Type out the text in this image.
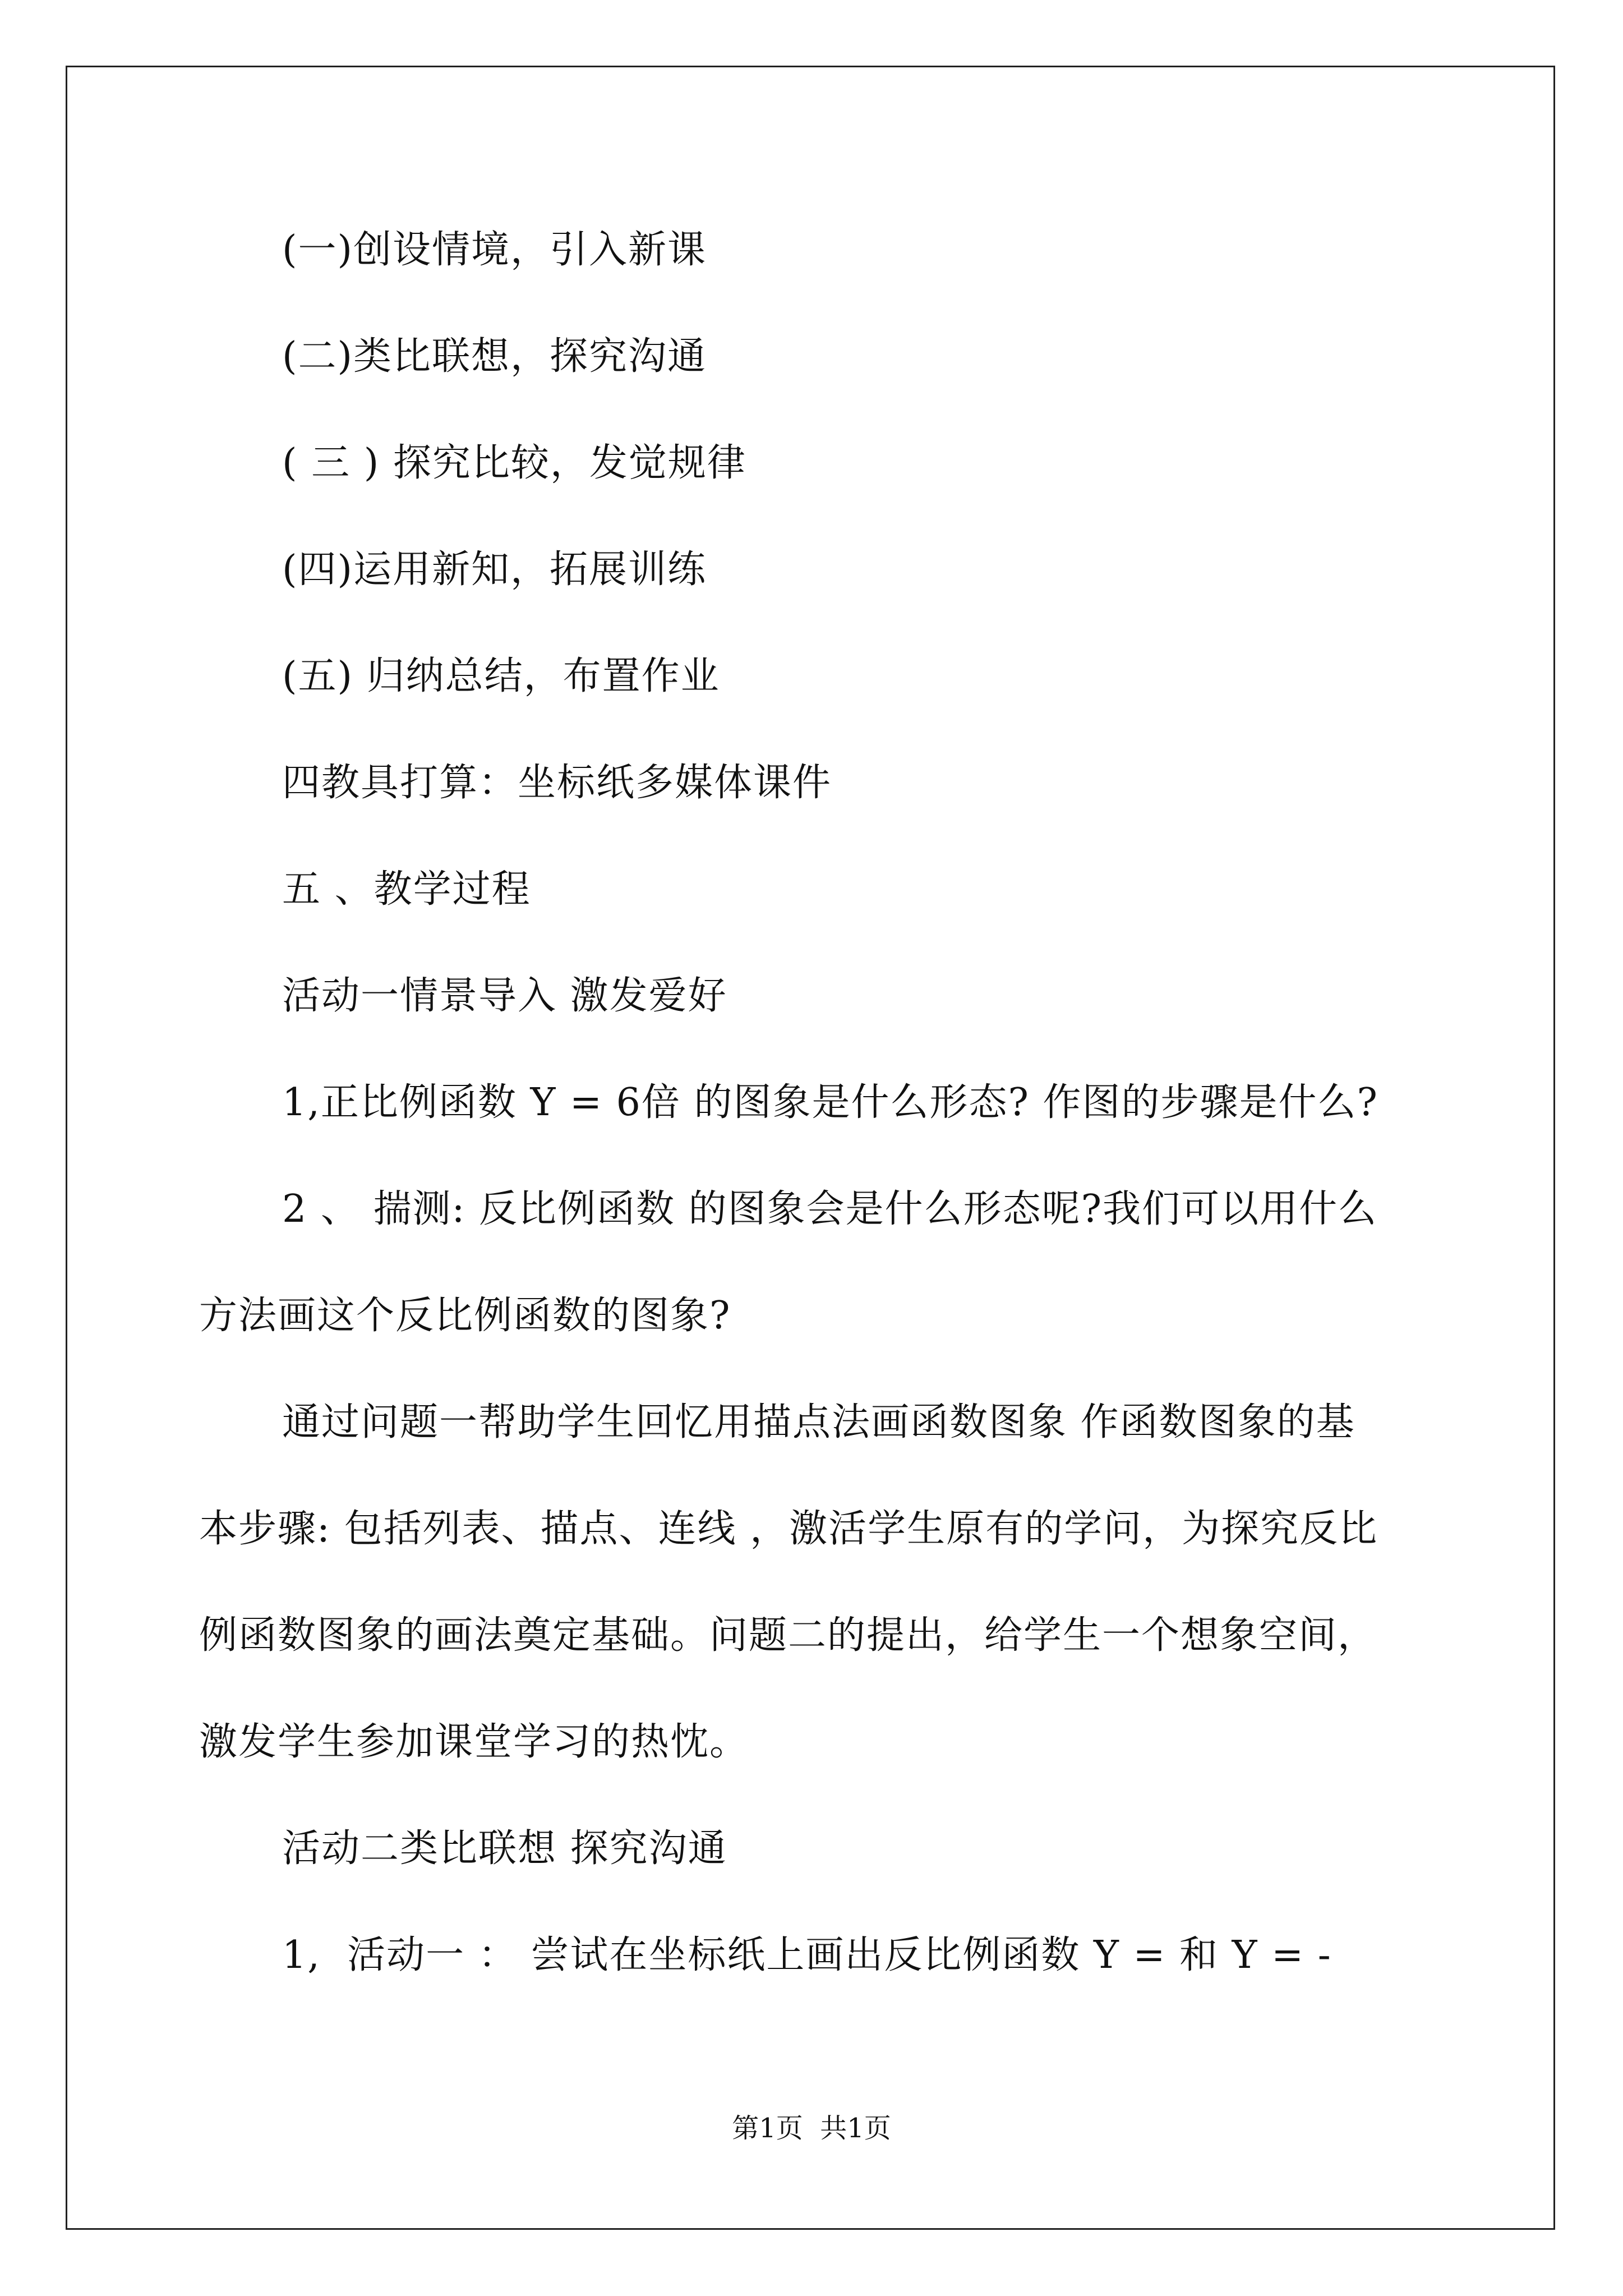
(一)创设情境，引入新课
(二)类比联想，探究沟通
( 三 ) 探究比较，发觉规律
(四)运用新知，拓展训练
(五) 归纳总结，布置作业
四教具打算：坐标纸多媒体课件
五 、教学过程
活动一情景导入 激发爱好
1,正比例函数 Y = 6倍 的图象是什么形态? 作图的步骤是什么?
2 、 揣测: 反比例函数 的图象会是什么形态呢?我们可以用什么
方法画这个反比例函数的图象?
通过问题一帮助学生回忆用描点法画函数图象 作函数图象的基
本步骤: 包括列表、描点、连线 ，激活学生原有的学问，为探究反比
例函数图象的画法奠定基础。问题二的提出，给学生一个想象空间，
激发学生参加课堂学习的热忱。
活动二类比联想 探究沟通
1,  活动一 ： 尝试在坐标纸上画出反比例函数 Y = 和 Y = -
第1页  共1页
